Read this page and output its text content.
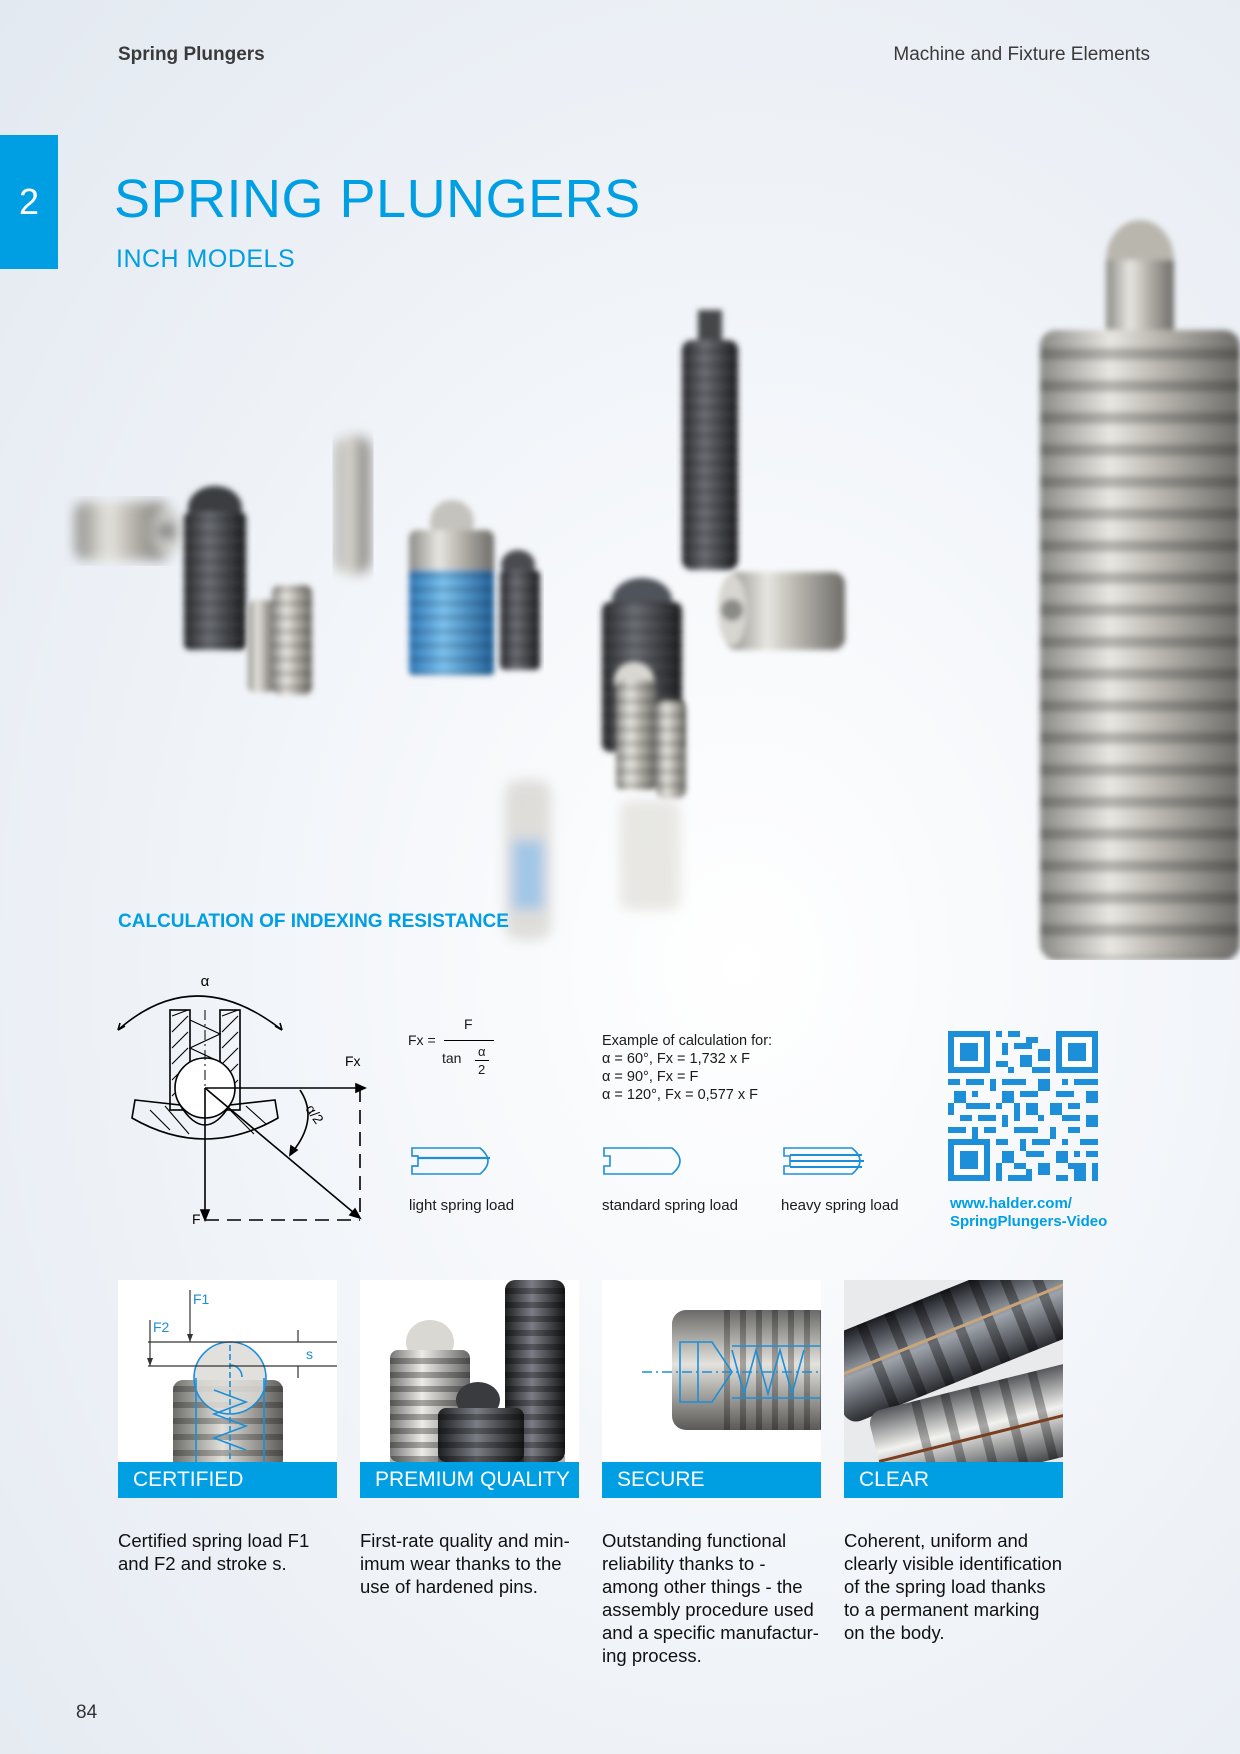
Spring Plungers	Machine and Fixture Elements
2 SPRING PLUNGERS
INCH MODELS
CALCULATION OF INDEXING RESISTANCE
α
Fx
F
α/2
Fx =
F
tan α
2
Example of calculation for:
α = 60°, Fx = 1,732 x F
α = 90°, Fx = F
α = 120°, Fx = 0,577 x F
light spring load	standard spring load	heavy spring load	www.halder.com/
SpringPlungers-Video
F1
F2
s
CERTIFIED	PREMIUM QUALITY	SECURE	CLEAR
Certified spring load F1
and F2 and stroke s.
First-rate quality and min-
imum wear thanks to the
use of hardened pins.
Outstanding functional
reliability thanks to -
among other things - the
assembly procedure used
and a specific manufactur-
ing process.
Coherent, uniform and
clearly visible identification
of the spring load thanks
to a permanent marking
on the body.
84
